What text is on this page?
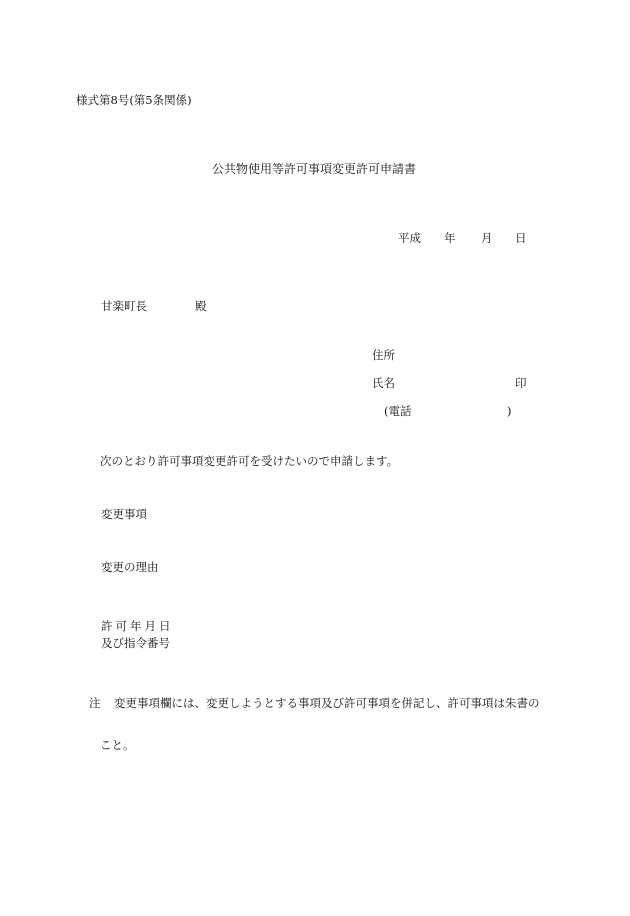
様式第8号(第5条関係)
公共物使用等許可事項変更許可申請書
平成 年 月 日
甘楽町長	殿
住所
氏名	印
(電話	)
次のとおり許可事項変更許可を受けたいので申請します。
変更事項
変更の理由
許可年月日
及び指令番号
注 変更事項欄には、変更しようとする事項及び許可事項を併記し、許可事項は朱書の
こと。
